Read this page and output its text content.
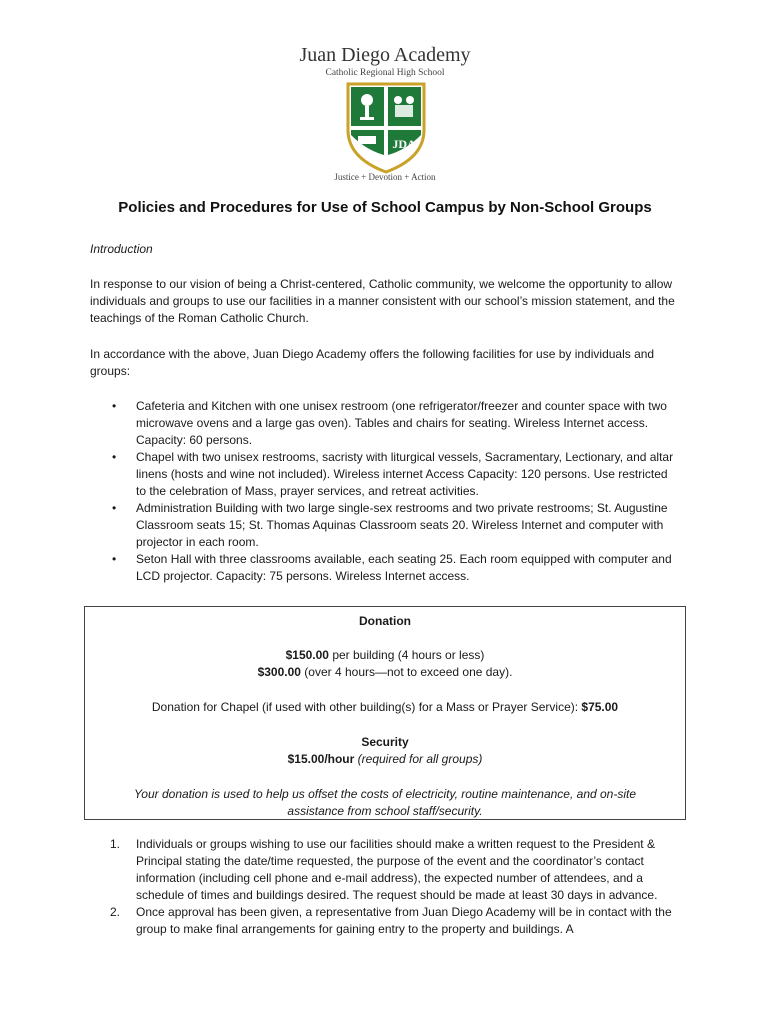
Juan Diego Academy
Catholic Regional High School
JDA
Justice + Devotion + Action
Policies and Procedures for Use of School Campus by Non-School Groups
Introduction
In response to our vision of being a Christ-centered, Catholic community, we welcome the opportunity to allow individuals and groups to use our facilities in a manner consistent with our school’s mission statement, and the teachings of the Roman Catholic Church.
In accordance with the above, Juan Diego Academy offers the following facilities for use by individuals and groups:
• Cafeteria and Kitchen with one unisex restroom (one refrigerator/freezer and counter space with two microwave ovens and a large gas oven). Tables and chairs for seating. Wireless Internet access. Capacity: 60 persons.
• Chapel with two unisex restrooms, sacristy with liturgical vessels, Sacramentary, Lectionary, and altar linens (hosts and wine not included). Wireless internet Access Capacity: 120 persons. Use restricted to the celebration of Mass, prayer services, and retreat activities.
• Administration Building with two large single-sex restrooms and two private restrooms; St. Augustine Classroom seats 15; St. Thomas Aquinas Classroom seats 20. Wireless Internet and computer with projector in each room.
• Seton Hall with three classrooms available, each seating 25. Each room equipped with computer and LCD projector. Capacity: 75 persons. Wireless Internet access.
Donation
$150.00 per building (4 hours or less)
$300.00 (over 4 hours—not to exceed one day).
Donation for Chapel (if used with other building(s) for a Mass or Prayer Service): $75.00
Security
$15.00/hour (required for all groups)
Your donation is used to help us offset the costs of electricity, routine maintenance, and on-site assistance from school staff/security.
1. Individuals or groups wishing to use our facilities should make a written request to the President & Principal stating the date/time requested, the purpose of the event and the coordinator’s contact information (including cell phone and e-mail address), the expected number of attendees, and a schedule of times and buildings desired. The request should be made at least 30 days in advance.
2. Once approval has been given, a representative from Juan Diego Academy will be in contact with the group to make final arrangements for gaining entry to the property and buildings. A
